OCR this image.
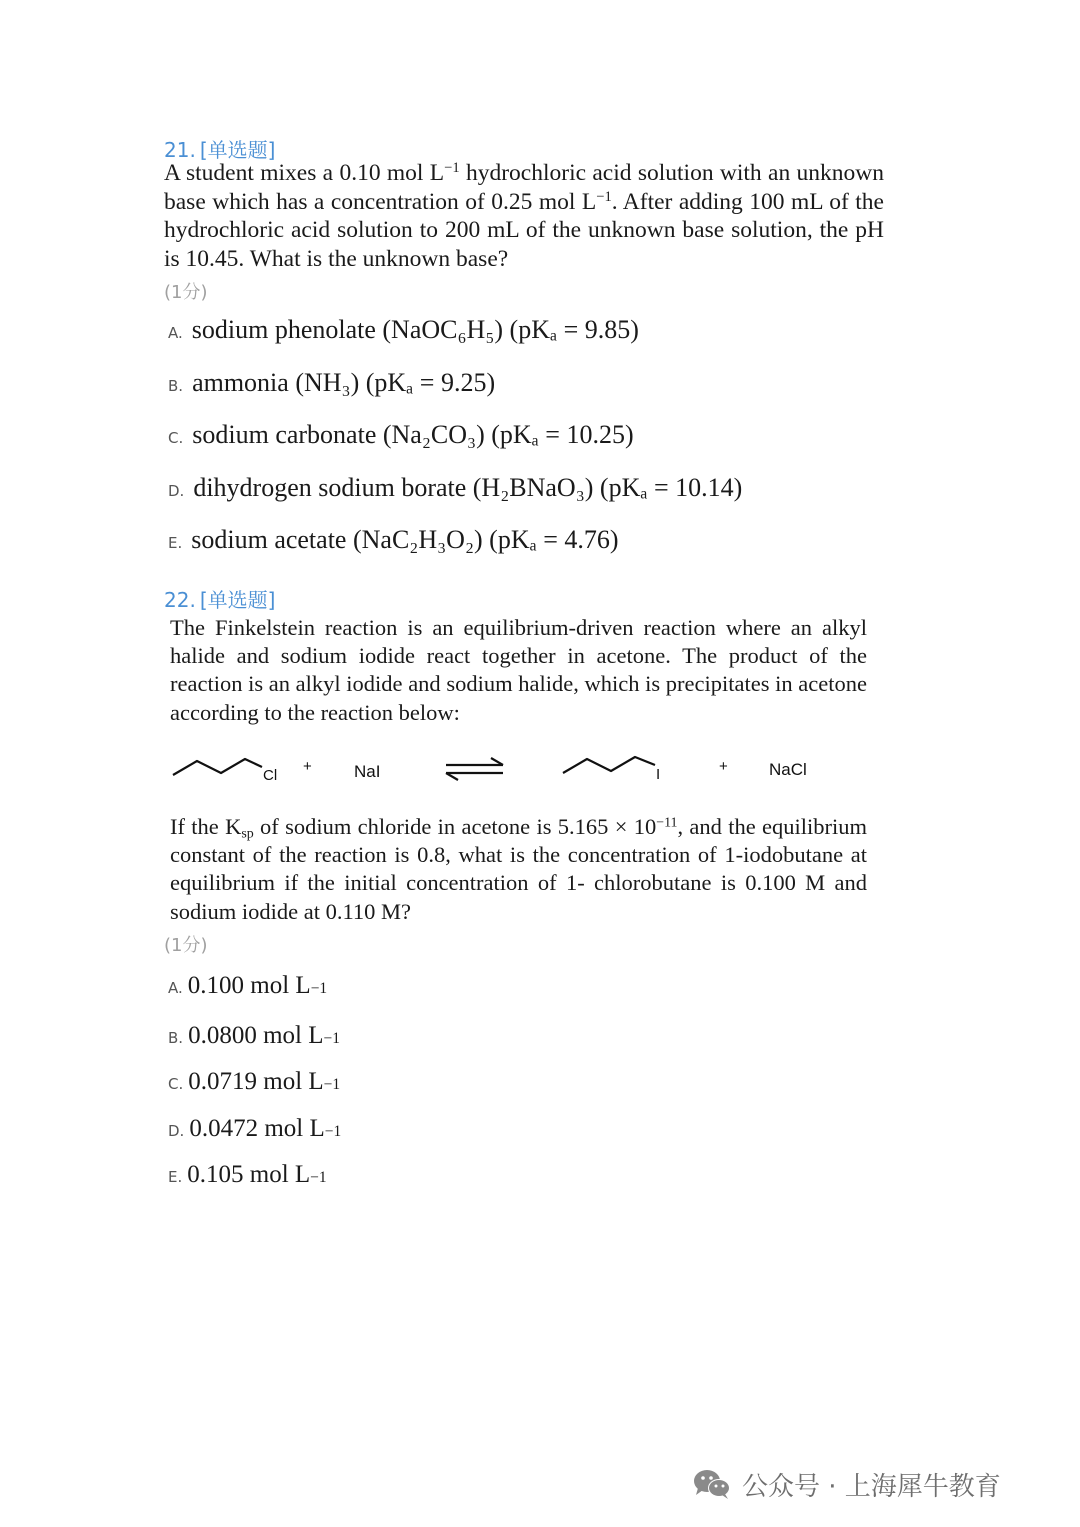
21. [单选题]

A student mixes a 0.10 mol $L^{-1}$ hydrochloric acid solution with an unknown base which has a concentration of 0.25 mol $L^{-1}$. After adding 100 mL of the hydrochloric acid solution to 200 mL of the unknown base solution, the pH is 10.45. What is the unknown base?

(1分)
A. sodium phenolate (NaOC₆H₅) (pKₐ = 9.85)
B. ammonia (NH₃) (pKₐ = 9.25)
C. sodium carbonate (Na₂CO₃) (pKₐ = 10.25)
D. dihydrogen sodium borate (H₂BNaO₃) (pKₐ = 10.14)
E. sodium acetate (NaC₂H₃O₂) (pKₐ = 4.76)
22. [单选题]

The Finkelstein reaction is an equilibrium-driven reaction where an alkyl halide and sodium iodide react together in acetone. The product of the reaction is an alkyl iodide and sodium halide, which is precipitates in acetone according to the reaction below:

Cl
+ NaI	I	+ NaCl

If the $K_{sp}$ of sodium chloride in acetone is $5.165 \times 10^{-11}$, and the equilibrium constant of the reaction is 0.8, what is the concentration of 1-iodobutane at equilibrium if the initial concentration of 1- chlorobutane is 0.100 M and sodium iodide at 0.110 M?

(1分)
A. 0.100 mol L −1
B. 0.0800 mol L −1
C. 0.0719 mol L −1
D. 0.0472 mol L −1
E. 0.105 mol L −1
公众号 · 上海犀牛教育
